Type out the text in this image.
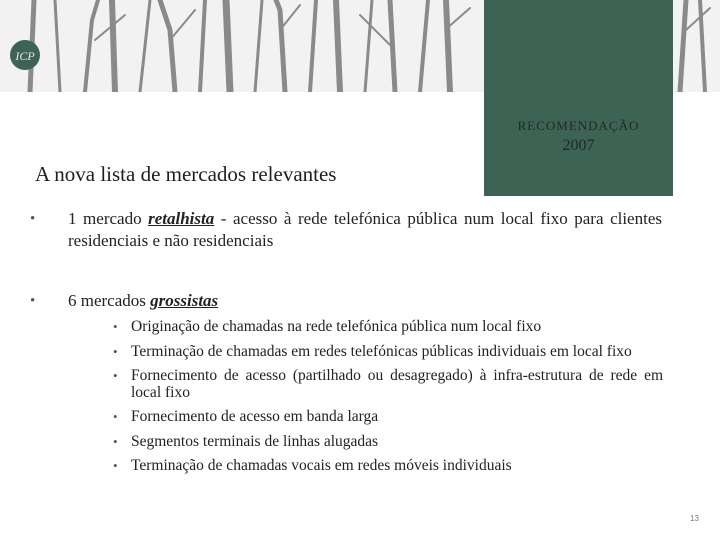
ICP
RECOMENDAÇÃO
2007
A nova lista de mercados relevantes
• 1 mercado retalhista - acesso à rede telefónica pública num local fixo para clientes residenciais e não residenciais
• 6 mercados grossistas
• Originação de chamadas na rede telefónica pública num local fixo
• Terminação de chamadas em redes telefónicas públicas individuais em local fixo
• Fornecimento de acesso (partilhado ou desagregado) à infra-estrutura de rede em local fixo
• Fornecimento de acesso em banda larga
• Segmentos terminais de linhas alugadas
• Terminação de chamadas vocais em redes móveis individuais
13
